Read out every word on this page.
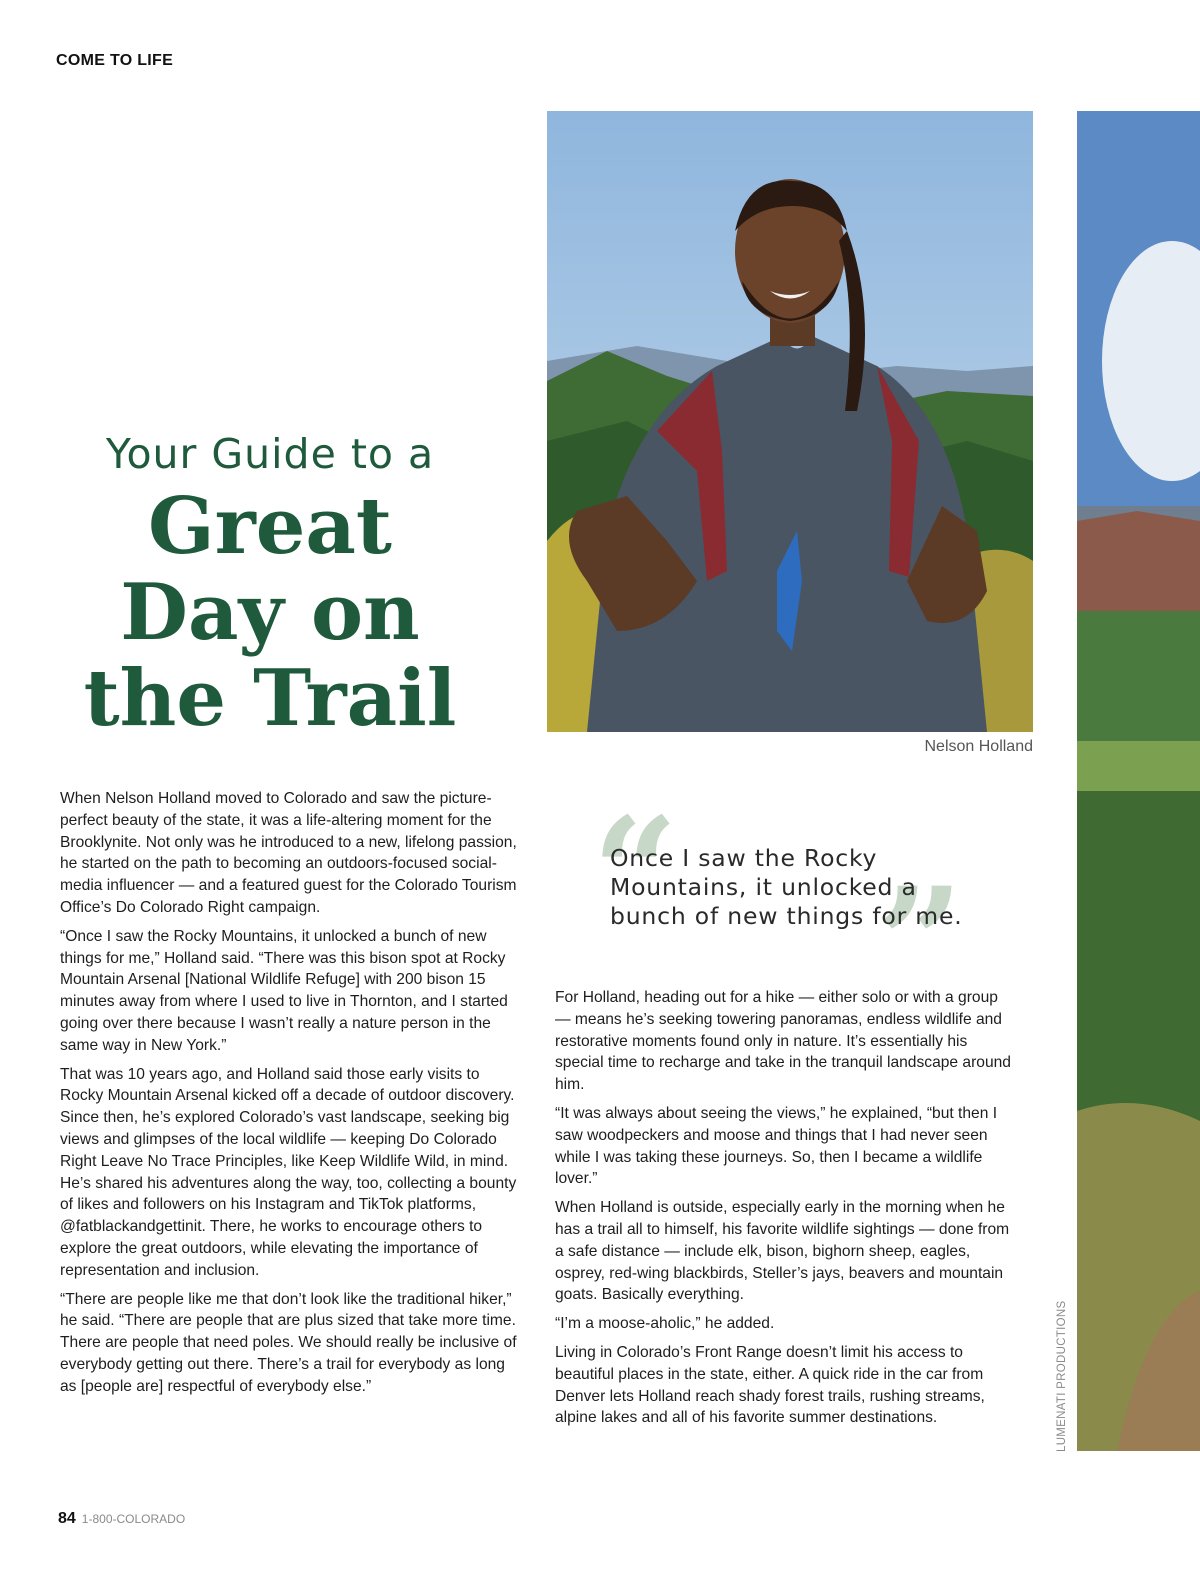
COME TO LIFE
Your Guide to a
Great
Day on
the Trail
Nelson Holland

When Nelson Holland moved to Colorado and saw the picture-perfect beauty of the state, it was a life-altering moment for the Brooklynite. Not only was he introduced to a new, lifelong passion, he started on the path to becoming an outdoors-focused social-media influencer — and a featured guest for the Colorado Tourism Office’s Do Colorado Right campaign.

“Once I saw the Rocky Mountains, it unlocked a bunch of new things for me,” Holland said. “There was this bison spot at Rocky Mountain Arsenal [National Wildlife Refuge] with 200 bison 15 minutes away from where I used to live in Thornton, and I started going over there because I wasn’t really a nature person in the same way in New York.”

That was 10 years ago, and Holland said those early visits to Rocky Mountain Arsenal kicked off a decade of outdoor discovery. Since then, he’s explored Colorado’s vast landscape, seeking big views and glimpses of the local wildlife — keeping Do Colorado Right Leave No Trace Principles, like Keep Wildlife Wild, in mind. He’s shared his adventures along the way, too, collecting a bounty of likes and followers on his Instagram and TikTok platforms, @fatblackandgettinit. There, he works to encourage others to explore the great outdoors, while elevating the importance of representation and inclusion.

“There are people like me that don’t look like the traditional hiker,” he said. “There are people that are plus sized that take more time. There are people that need poles. We should really be inclusive of everybody getting out there. There’s a trail for everybody as long as [people are] respectful of everybody else.”

“ ”
Once I saw the Rocky Mountains, it unlocked a bunch of new things for me.

For Holland, heading out for a hike — either solo or with a group — means he’s seeking towering panoramas, endless wildlife and restorative moments found only in nature. It’s essentially his special time to recharge and take in the tranquil landscape around him.

“It was always about seeing the views,” he explained, “but then I saw woodpeckers and moose and things that I had never seen while I was taking these journeys. So, then I became a wildlife lover.”

When Holland is outside, especially early in the morning when he has a trail all to himself, his favorite wildlife sightings — done from a safe distance — include elk, bison, bighorn sheep, eagles, osprey, red-wing blackbirds, Steller’s jays, beavers and mountain goats. Basically everything.

“I’m a moose-aholic,” he added.

Living in Colorado’s Front Range doesn’t limit his access to beautiful places in the state, either. A quick ride in the car from Denver lets Holland reach shady forest trails, rushing streams, alpine lakes and all of his favorite summer destinations.	LUMENATI PRODUCTIONS
84 1-800-COLORADO
